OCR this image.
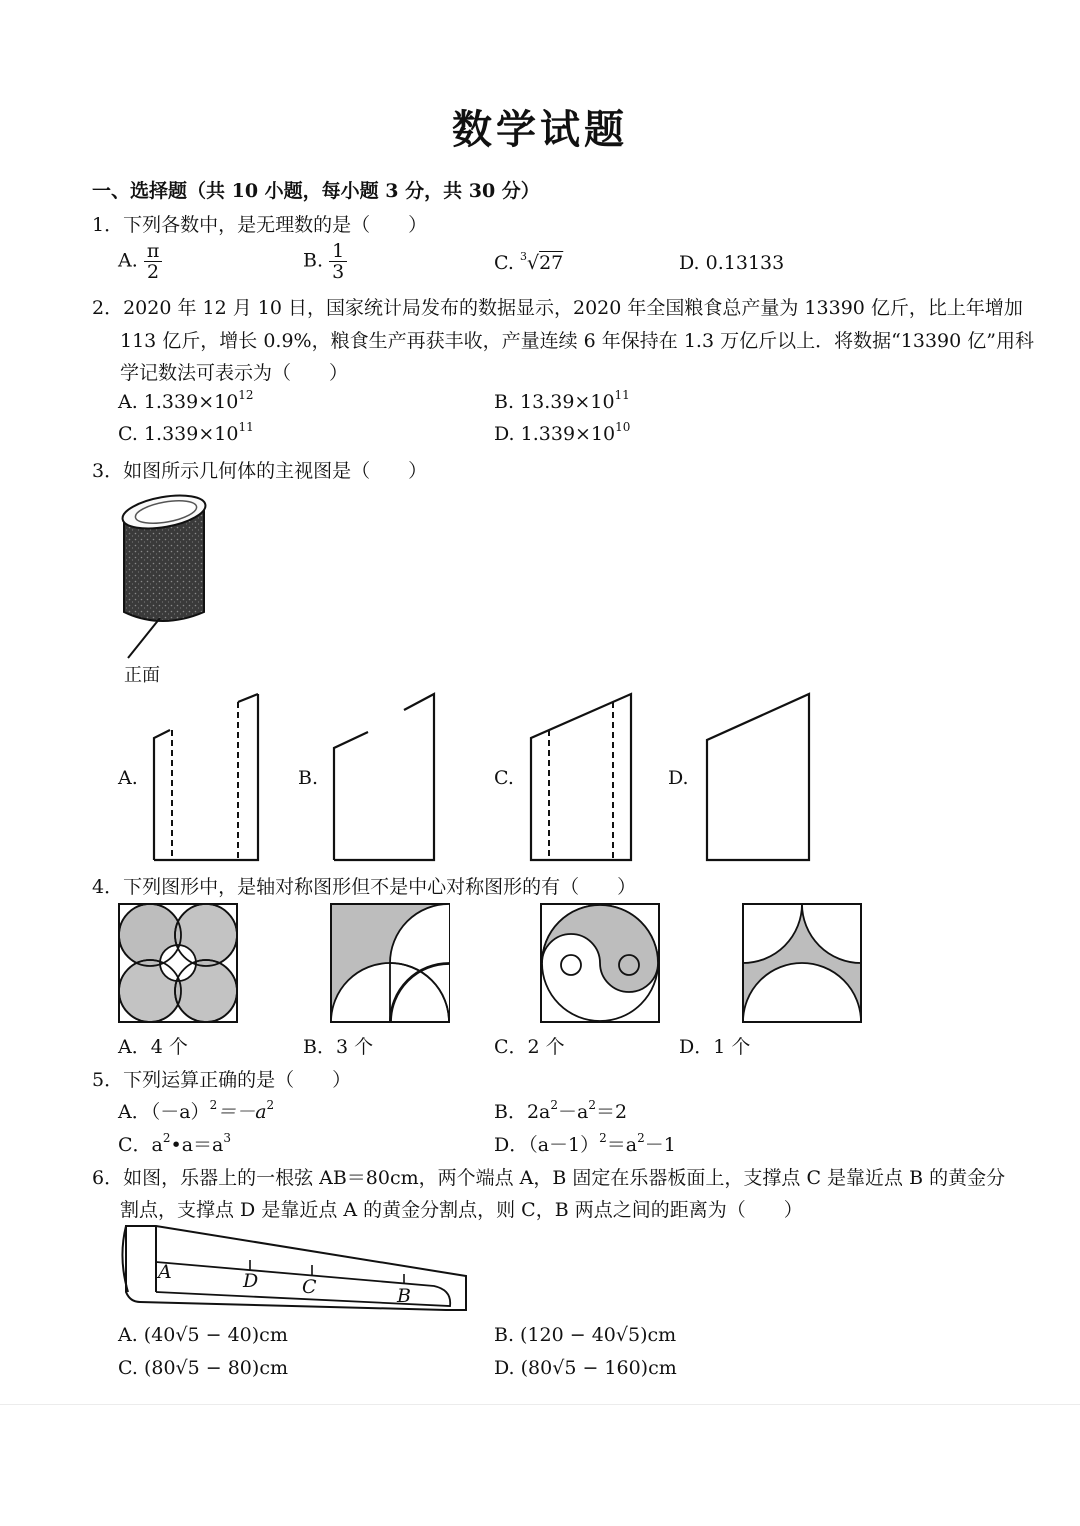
数学试题
一、选择题（共 10 小题，每小题 3 分，共 30 分）
1．下列各数中，是无理数的是（　　）
A. $\frac{\pi}{2}$	B. $\frac{1}{3}$	C. $^3$√27	D. 0.13133
2．2020 年 12 月 10 日，国家统计局发布的数据显示，2020 年全国粮食总产量为 13390 亿斤，比上年增加
113 亿斤，增长 0.9%，粮食生产再获丰收，产量连续 6 年保持在 1.3 万亿斤以上．将数据“13390 亿”用科
学记数法可表示为（　　）
A. $1.339\times 10^{12}$	B. $13.39\times 10^{11}$
C. $1.339\times 10^{11}$	D. $1.339\times 10^{10}$
3．如图所示几何体的主视图是（　　）
正面
A.	B.	C.	D.
4．下列图形中，是轴对称图形但不是中心对称图形的有（　　）
A．4 个	B．3 个	C．2 个	D．1 个
5．下列运算正确的是（　　）
A．$(-a)^2=-a^2$	B．$2a^2-a^2=2$
C．$a^2•a=a^3$	D．$(a-1)^2=a^2-1$
6．如图，乐器上的一根弦 AB＝80cm，两个端点 A，B 固定在乐器板面上，支撑点 C 是靠近点 B 的黄金分
割点，支撑点 D 是靠近点 A 的黄金分割点，则 C，B 两点之间的距离为（　　）
A	D C	B
A. (40√5 − 40)cm	B. (120 − 40√5)cm
C. (80√5 − 80)cm	D. (80√5 − 160)cm
